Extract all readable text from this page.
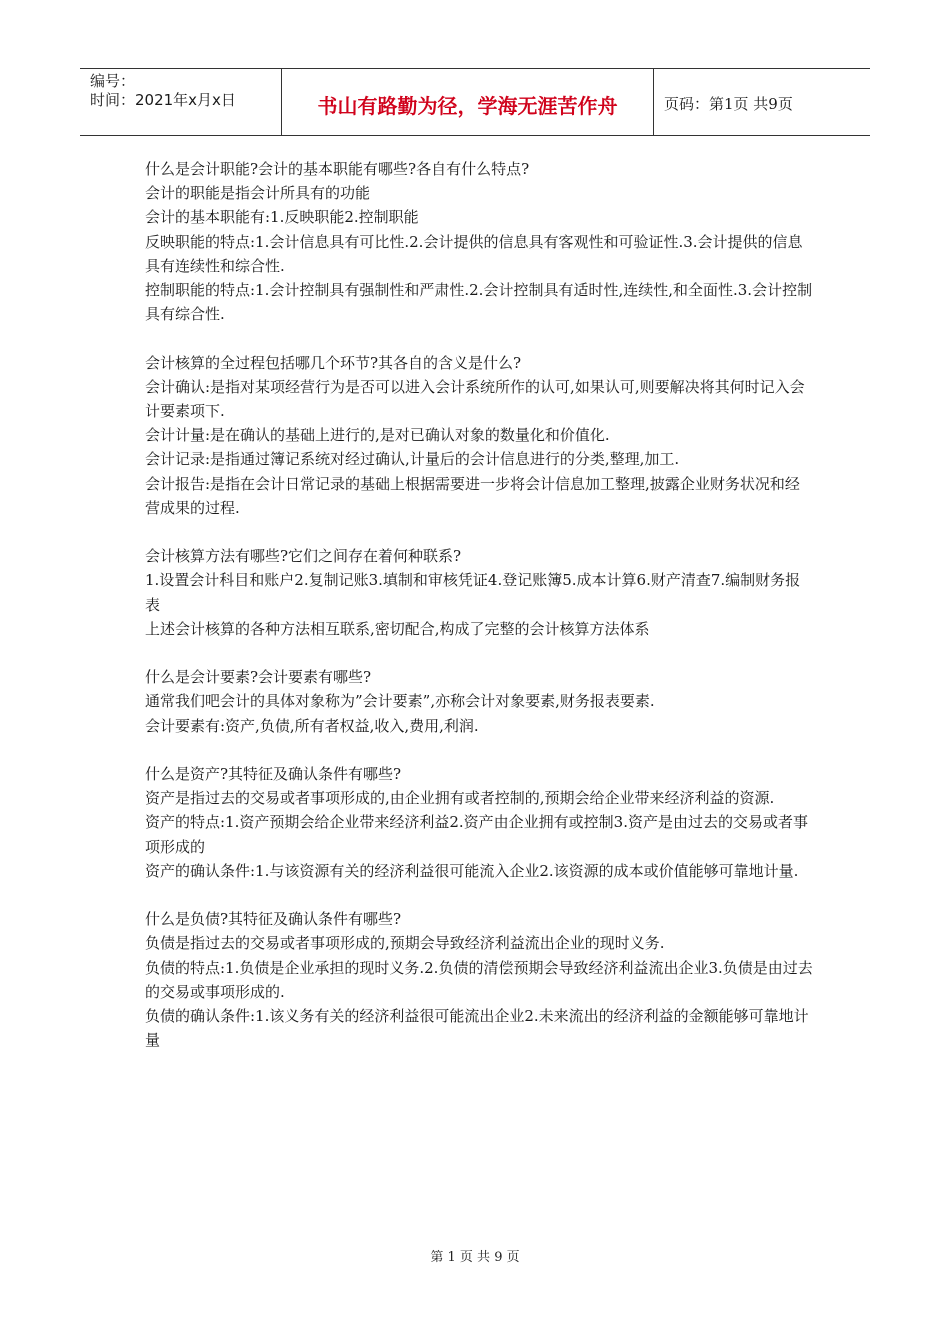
编号：
时间：2021年x月x日	书山有路勤为径，学海无涯苦作舟	页码：第1页 共9页

什么是会计职能?会计的基本职能有哪些?各自有什么特点?

会计的职能是指会计所具有的功能

会计的基本职能有:1.反映职能2.控制职能

反映职能的特点:1.会计信息具有可比性.2.会计提供的信息具有客观性和可验证性.3.会计提供的信息具有连续性和综合性.

控制职能的特点:1.会计控制具有强制性和严肃性.2.会计控制具有适时性,连续性,和全面性.3.会计控制具有综合性.

会计核算的全过程包括哪几个环节?其各自的含义是什么?

会计确认:是指对某项经营行为是否可以进入会计系统所作的认可,如果认可,则要解决将其何时记入会计要素项下.

会计计量:是在确认的基础上进行的,是对已确认对象的数量化和价值化.

会计记录:是指通过簿记系统对经过确认,计量后的会计信息进行的分类,整理,加工.

会计报告:是指在会计日常记录的基础上根据需要进一步将会计信息加工整理,披露企业财务状况和经营成果的过程.

会计核算方法有哪些?它们之间存在着何种联系?

1.设置会计科目和账户2.复制记账3.填制和审核凭证4.登记账簿5.成本计算6.财产清查7.编制财务报表

上述会计核算的各种方法相互联系,密切配合,构成了完整的会计核算方法体系

什么是会计要素?会计要素有哪些?

通常我们吧会计的具体对象称为”会计要素”,亦称会计对象要素,财务报表要素.

会计要素有:资产,负债,所有者权益,收入,费用,利润.

什么是资产?其特征及确认条件有哪些?

资产是指过去的交易或者事项形成的,由企业拥有或者控制的,预期会给企业带来经济利益的资源.

资产的特点:1.资产预期会给企业带来经济利益2.资产由企业拥有或控制3.资产是由过去的交易或者事项形成的

资产的确认条件:1.与该资源有关的经济利益很可能流入企业2.该资源的成本或价值能够可靠地计量.

什么是负债?其特征及确认条件有哪些?

负债是指过去的交易或者事项形成的,预期会导致经济利益流出企业的现时义务.

负债的特点:1.负债是企业承担的现时义务.2.负债的清偿预期会导致经济利益流出企业3.负债是由过去的交易或事项形成的.

负债的确认条件:1.该义务有关的经济利益很可能流出企业2.未来流出的经济利益的金额能够可靠地计量

第 1 页 共 9 页
